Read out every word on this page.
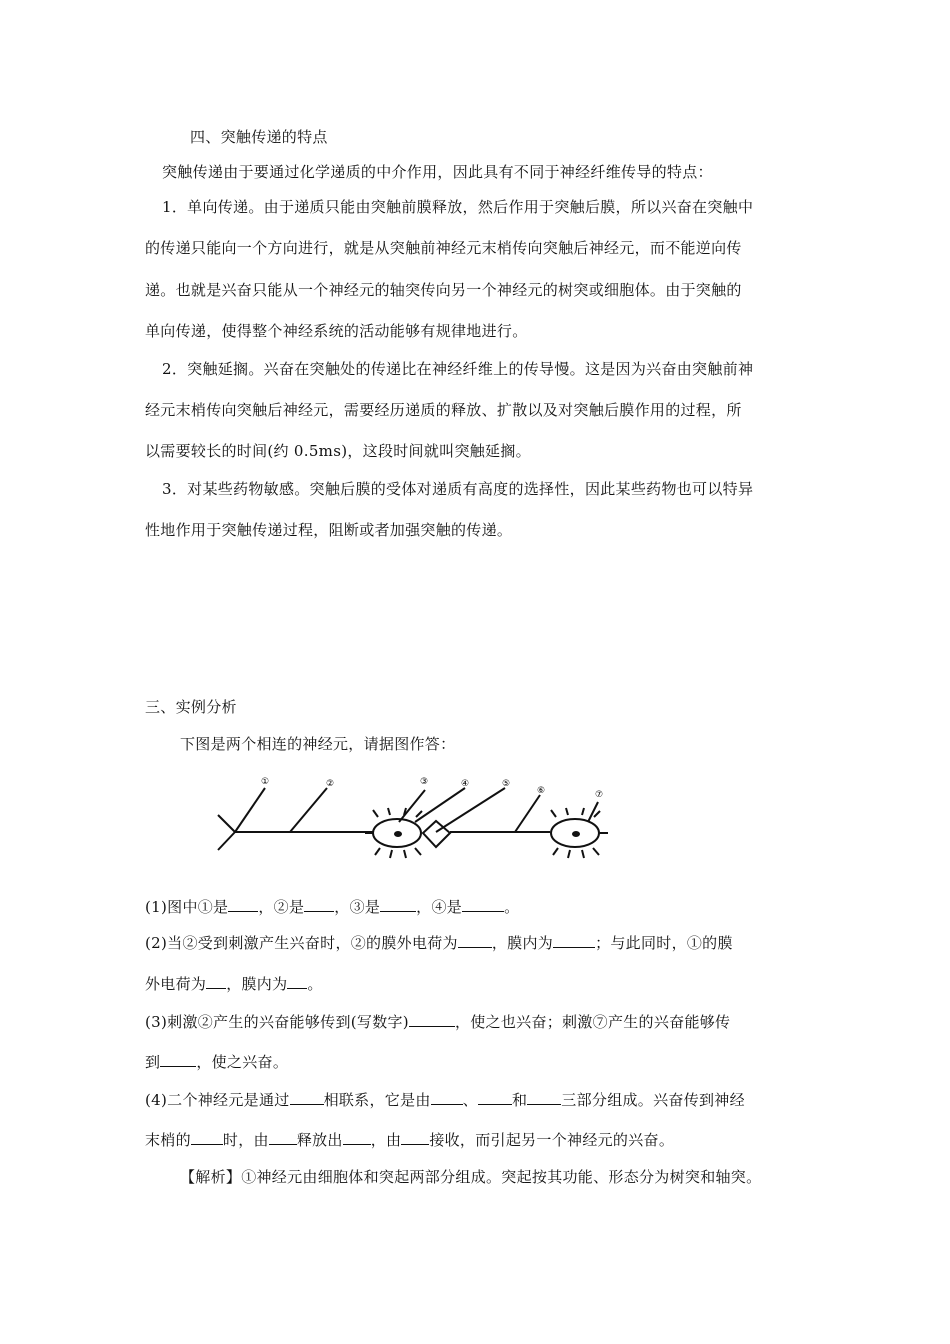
四、突触传递的特点
突触传递由于要通过化学递质的中介作用，因此具有不同于神经纤维传导的特点：
1．单向传递。由于递质只能由突触前膜释放，然后作用于突触后膜，所以兴奋在突触中
的传递只能向一个方向进行，就是从突触前神经元末梢传向突触后神经元，而不能逆向传
递。也就是兴奋只能从一个神经元的轴突传向另一个神经元的树突或细胞体。由于突触的
单向传递，使得整个神经系统的活动能够有规律地进行。
2．突触延搁。兴奋在突触处的传递比在神经纤维上的传导慢。这是因为兴奋由突触前神
经元末梢传向突触后神经元，需要经历递质的释放、扩散以及对突触后膜作用的过程，所
以需要较长的时间(约 0.5ms)，这段时间就叫突触延搁。
3．对某些药物敏感。突触后膜的受体对递质有高度的选择性，因此某些药物也可以特异
性地作用于突触传递过程，阻断或者加强突触的传递。
三、实例分析
下图是两个相连的神经元，请据图作答：
①	②	③	④	⑤
⑥	⑦
(1)图中①是 ，②是 ，③是 ，④是	。
(2)当②受到刺激产生兴奋时，②的膜外电荷为 ，膜内为	；与此同时，①的膜
外电荷为 ，膜内为 。
(3)刺激②产生的兴奋能够传到(写数字)	，使之也兴奋；刺激⑦产生的兴奋能够传
到 ，使之兴奋。
(4)二个神经元是通过 相联系，它是由 、 和 三部分组成。兴奋传到神经
末梢的 时，由 释放出 ，由 接收，而引起另一个神经元的兴奋。
【解析】①神经元由细胞体和突起两部分组成。突起按其功能、形态分为树突和轴突。
